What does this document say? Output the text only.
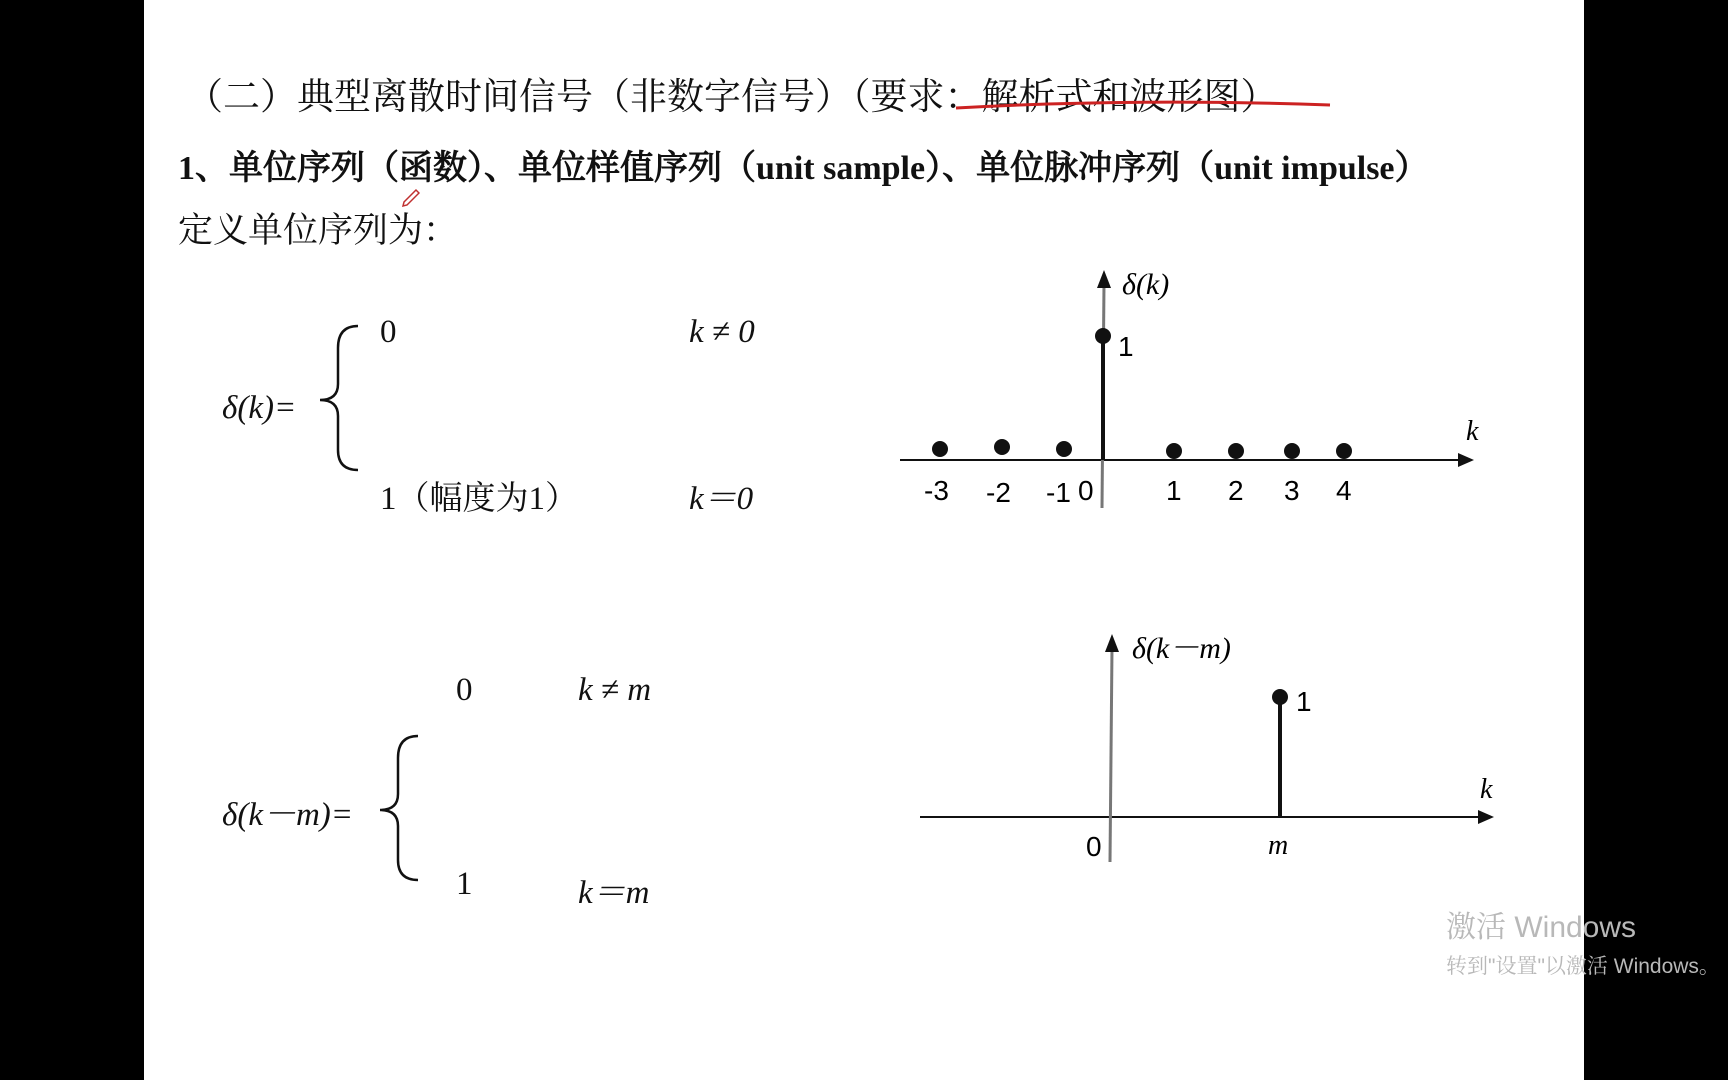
（二）典型离散时间信号（非数字信号）（要求：解析式和波形图）
1、单位序列（函数）、单位样值序列（unit sample）、单位脉冲序列（unit impulse）
定义单位序列为：
δ(k)=
0	k ≠ 0
1（幅度为1）	k＝0
δ(k－m)=
0	k ≠ m
1	k＝m
δ(k)
k
0
1
-3 -2 -1	1 2 3 4
δ(k－m)
k
0	m
1
激活 Windows
转到"设置"以激活 Windows。
